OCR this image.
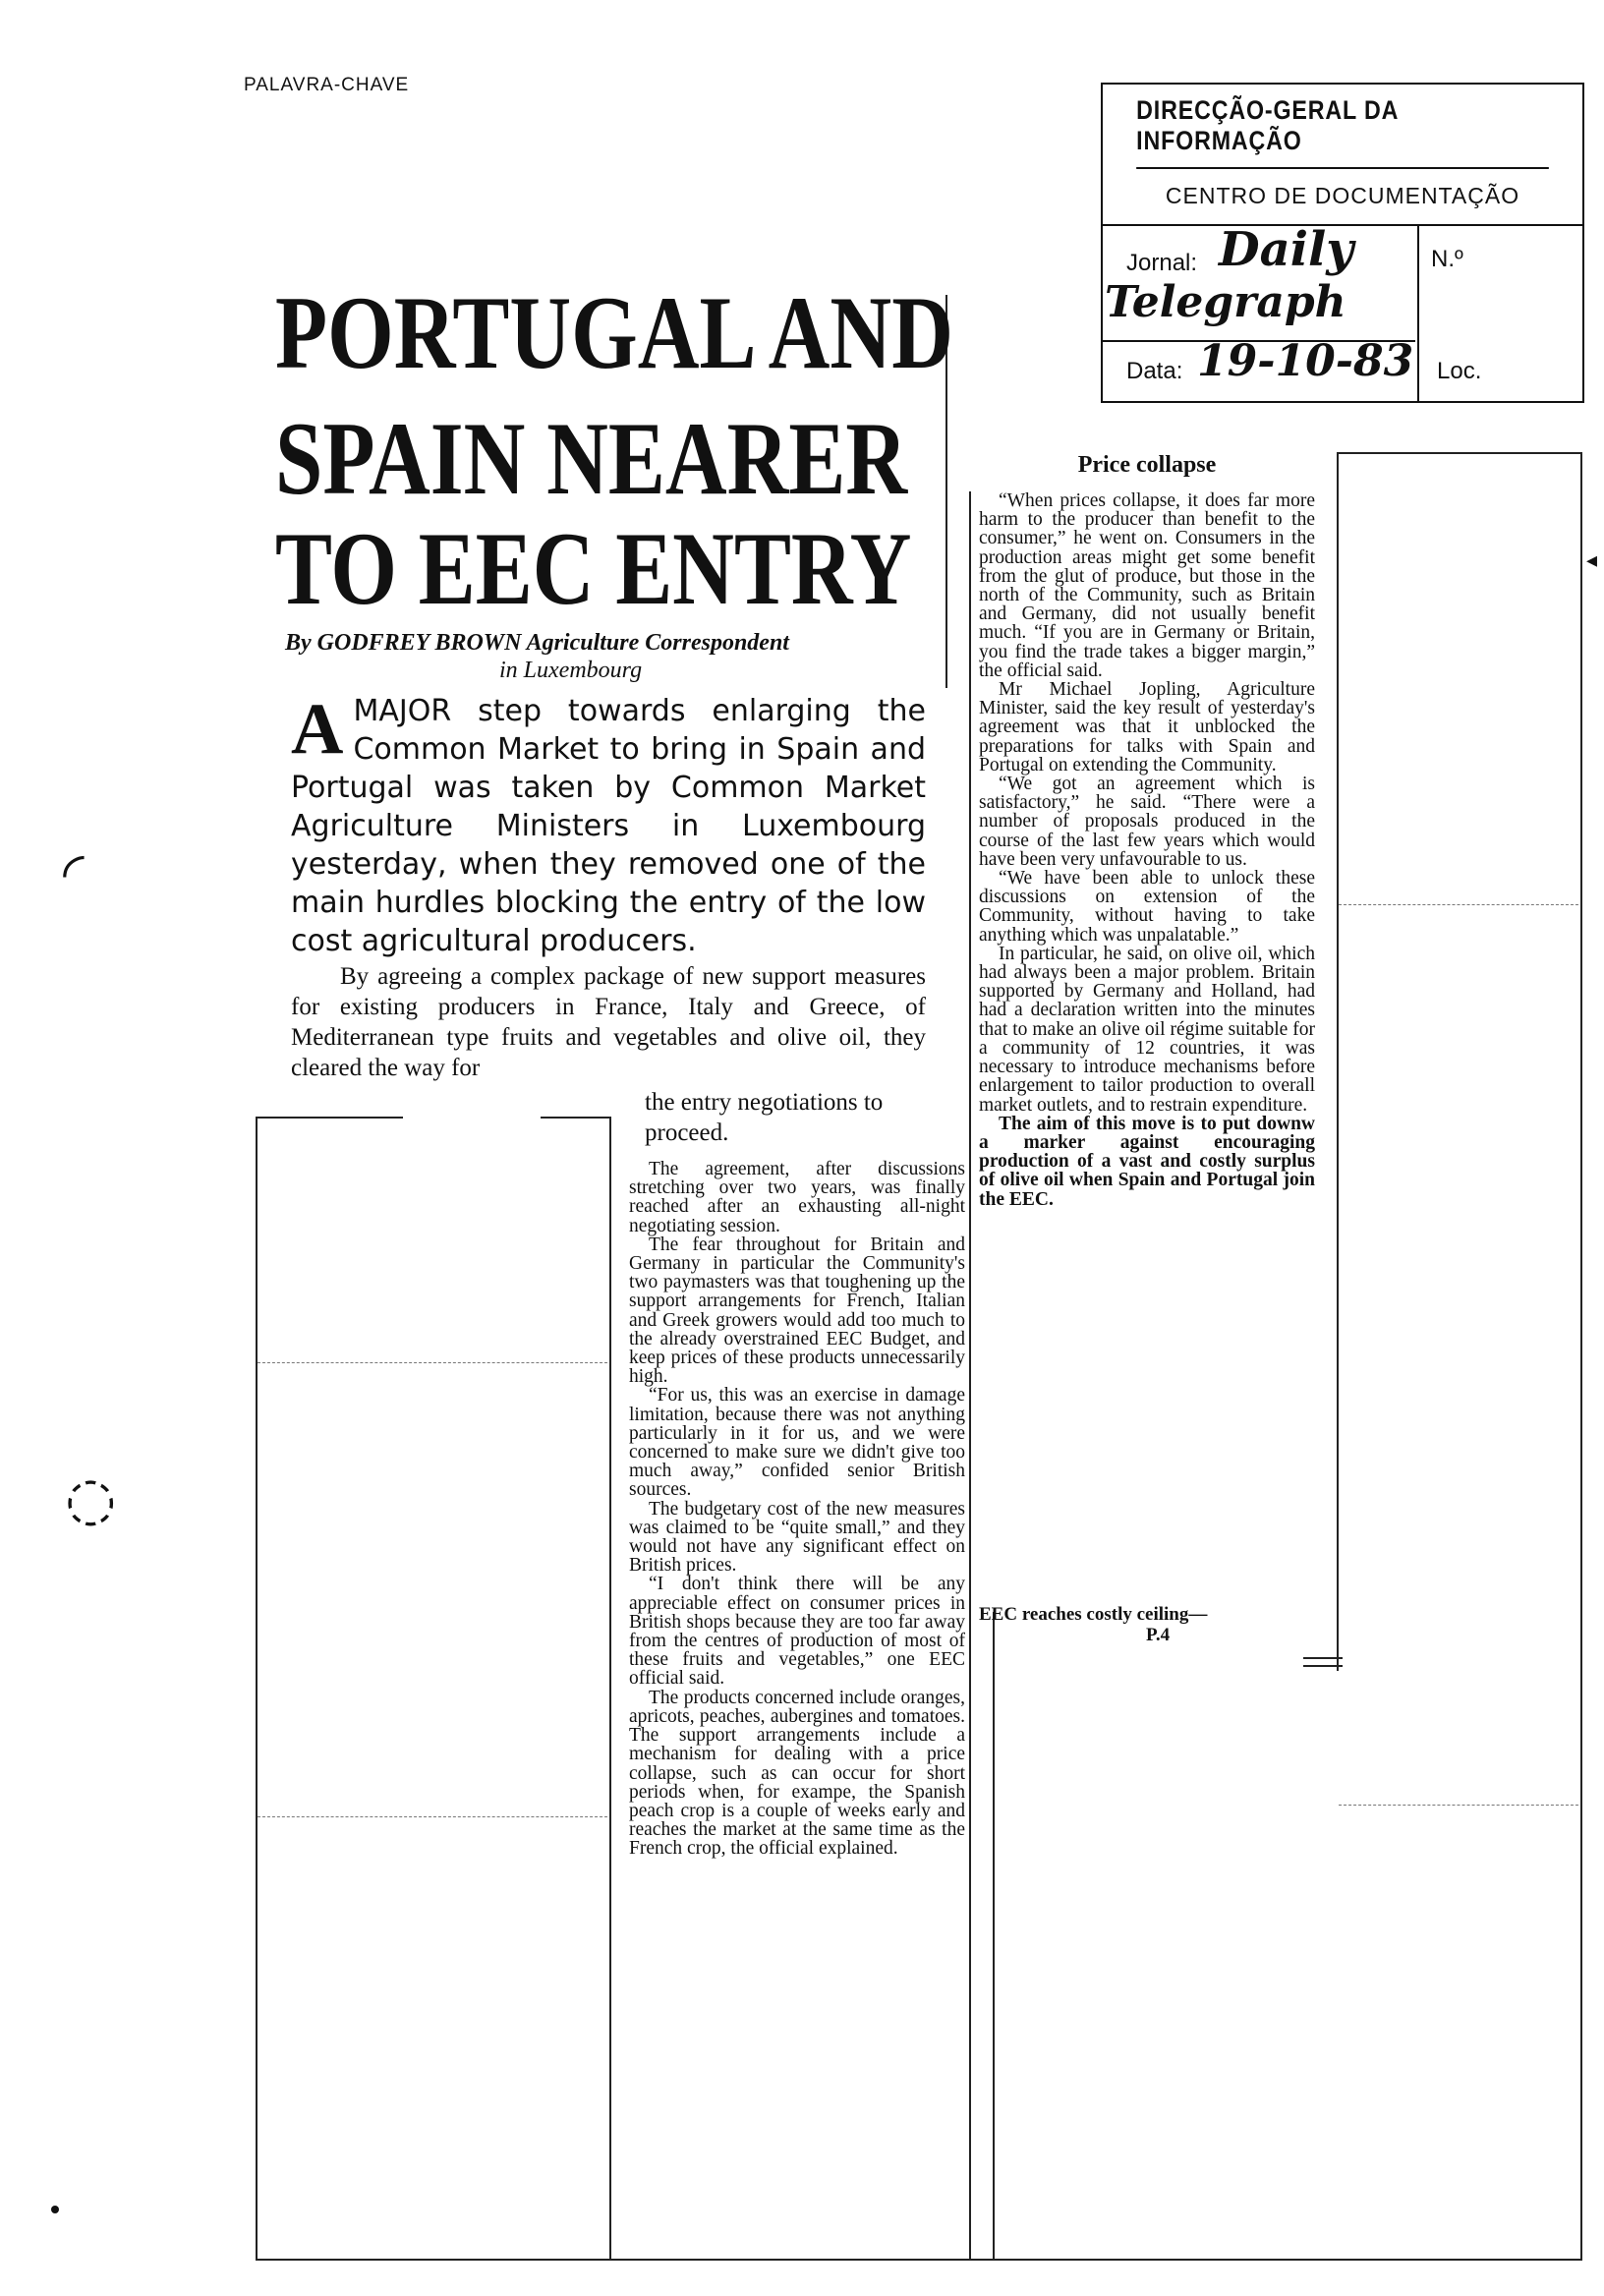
PALAVRA-CHAVE
DIRECÇÃO-GERAL DA INFORMAÇÃO
CENTRO DE DOCUMENTAÇÃO
Jornal: Daily
Telegraph
N.º
Data: 19-10-83 Loc.
◜
◌
◂
PORTUGAL AND
SPAIN NEARER
TO EEC ENTRY
By GODFREY BROWN Agriculture Correspondent
in Luxembourg
A MAJOR step towards enlarging the Common Market to bring in Spain and Portugal was taken by Common Market Agriculture Ministers in Luxembourg yesterday, when they removed one of the main hurdles blocking the entry of the low cost agricultural producers.
By agreeing a complex package of new support measures for existing producers in France, Italy and Greece, of Mediterranean type fruits and vegetables and olive oil, they cleared the way for
the entry negotiations to proceed.

The agreement, after discussions stretching over two years, was finally reached after an exhausting all-night negotiating session.

The fear throughout for Britain and Germany in particular the Community's two paymasters was that toughening up the support arrangements for French, Italian and Greek growers would add too much to the already overstrained EEC Budget, and keep prices of these products unnecessarily high.

“For us, this was an exercise in damage limitation, because there was not anything particularly in it for us, and we were concerned to make sure we didn't give too much away,” confided senior British sources.

The budgetary cost of the new measures was claimed to be “quite small,” and they would not have any significant effect on British prices.

“I don't think there will be any appreciable effect on consumer prices in British shops because they are too far away from the centres of production of most of these fruits and vegetables,” one EEC official said.

The products concerned include oranges, apricots, peaches, aubergines and tomatoes. The support arrangements include a mechanism for dealing with a price collapse, such as can occur for short periods when, for exampe, the Spanish peach crop is a couple of weeks early and reaches the market at the same time as the French crop, the official explained.

Price collapse

“When prices collapse, it does far more harm to the producer than benefit to the consumer,” he went on. Consumers in the production areas might get some benefit from the glut of produce, but those in the north of the Community, such as Britain and Germany, did not usually benefit much. “If you are in Germany or Britain, you find the trade takes a bigger margin,” the official said.

Mr Michael Jopling, Agriculture Minister, said the key result of yesterday's agreement was that it unblocked the preparations for talks with Spain and Portugal on extending the Community.

“We got an agreement which is satisfactory,” he said. “There were a number of proposals produced in the course of the last few years which would have been very unfavourable to us.

“We have been able to unlock these discussions on extension of the Community, without having to take anything which was unpalatable.”

In particular, he said, on olive oil, which had always been a major problem. Britain supported by Germany and Holland, had had a declaration written into the minutes that to make an olive oil régime suitable for a community of 12 countries, it was necessary to introduce mechanisms before enlargement to tailor production to overall market outlets, and to restrain expenditure.

The aim of this move is to put downw a marker against encouraging production of a vast and costly surplus of olive oil when Spain and Portugal join the EEC.

EEC reaches costly ceiling—
P.4
